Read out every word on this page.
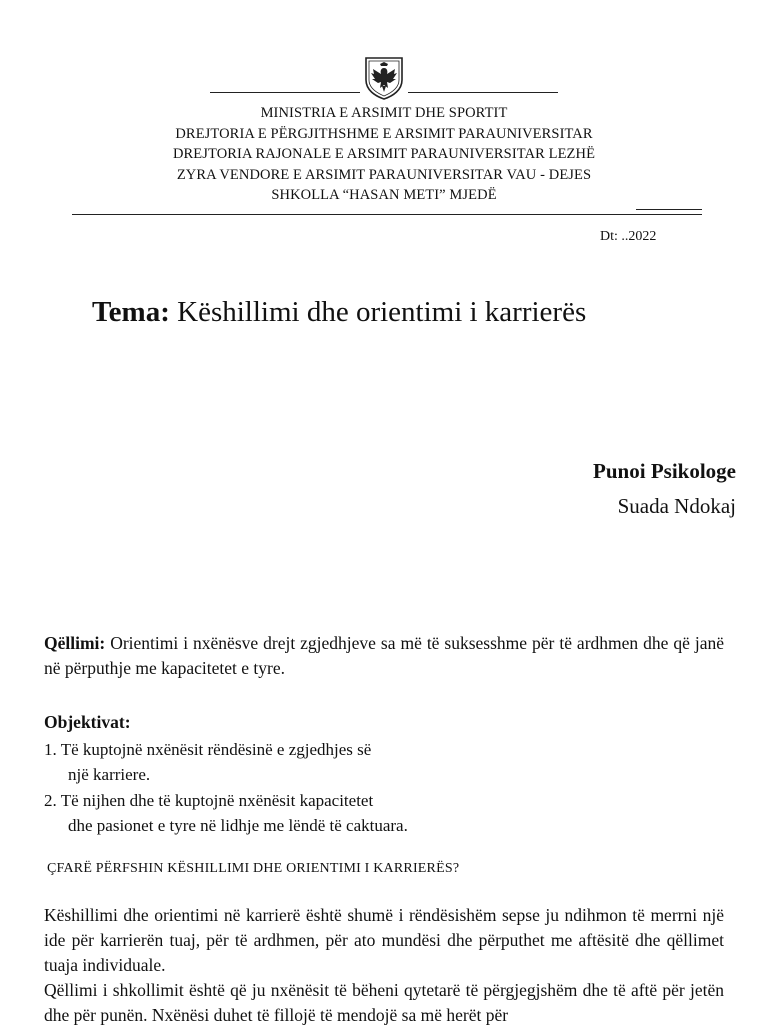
MINISTRIA E ARSIMIT DHE SPORTIT
DREJTORIA E PËRGJITHSHME E ARSIMIT PARAUNIVERSITAR
DREJTORIA RAJONALE E ARSIMIT PARAUNIVERSITAR LEZHË
ZYRA VENDORE E ARSIMIT PARAUNIVERSITAR VAU - DEJES
SHKOLLA “HASAN METI” MJEDË
Dt: ..2022
Tema: Këshillimi dhe orientimi i karrierës
Punoi Psikologe
Suada Ndokaj
Qëllimi: Orientimi i nxënësve drejt zgjedhjeve sa më të suksesshme për të ardhmen dhe që janë në përputhje me kapacitetet e tyre.
Objektivat:
1. Të kuptojnë nxënësit rëndësinë e zgjedhjes së
një karriere.
2. Të nijhen dhe të kuptojnë nxënësit kapacitetet
dhe pasionet e tyre në lidhje me lëndë të caktuara.
ÇFARË PËRFSHIN KËSHILLIMI DHE ORIENTIMI I KARRIERËS?
Këshillimi dhe orientimi në karrierë është shumë i rëndësishëm sepse ju ndihmon të merrni një ide për karrierën tuaj, për të ardhmen, për ato mundësi dhe përputhet me aftësitë dhe qëllimet tuaja individuale.
Qëllimi i shkollimit është që ju nxënësit të bëheni qytetarë të përgjegjshëm dhe të aftë për jetën dhe për punën. Nxënësi duhet të fillojë të mendojë sa më herët për
